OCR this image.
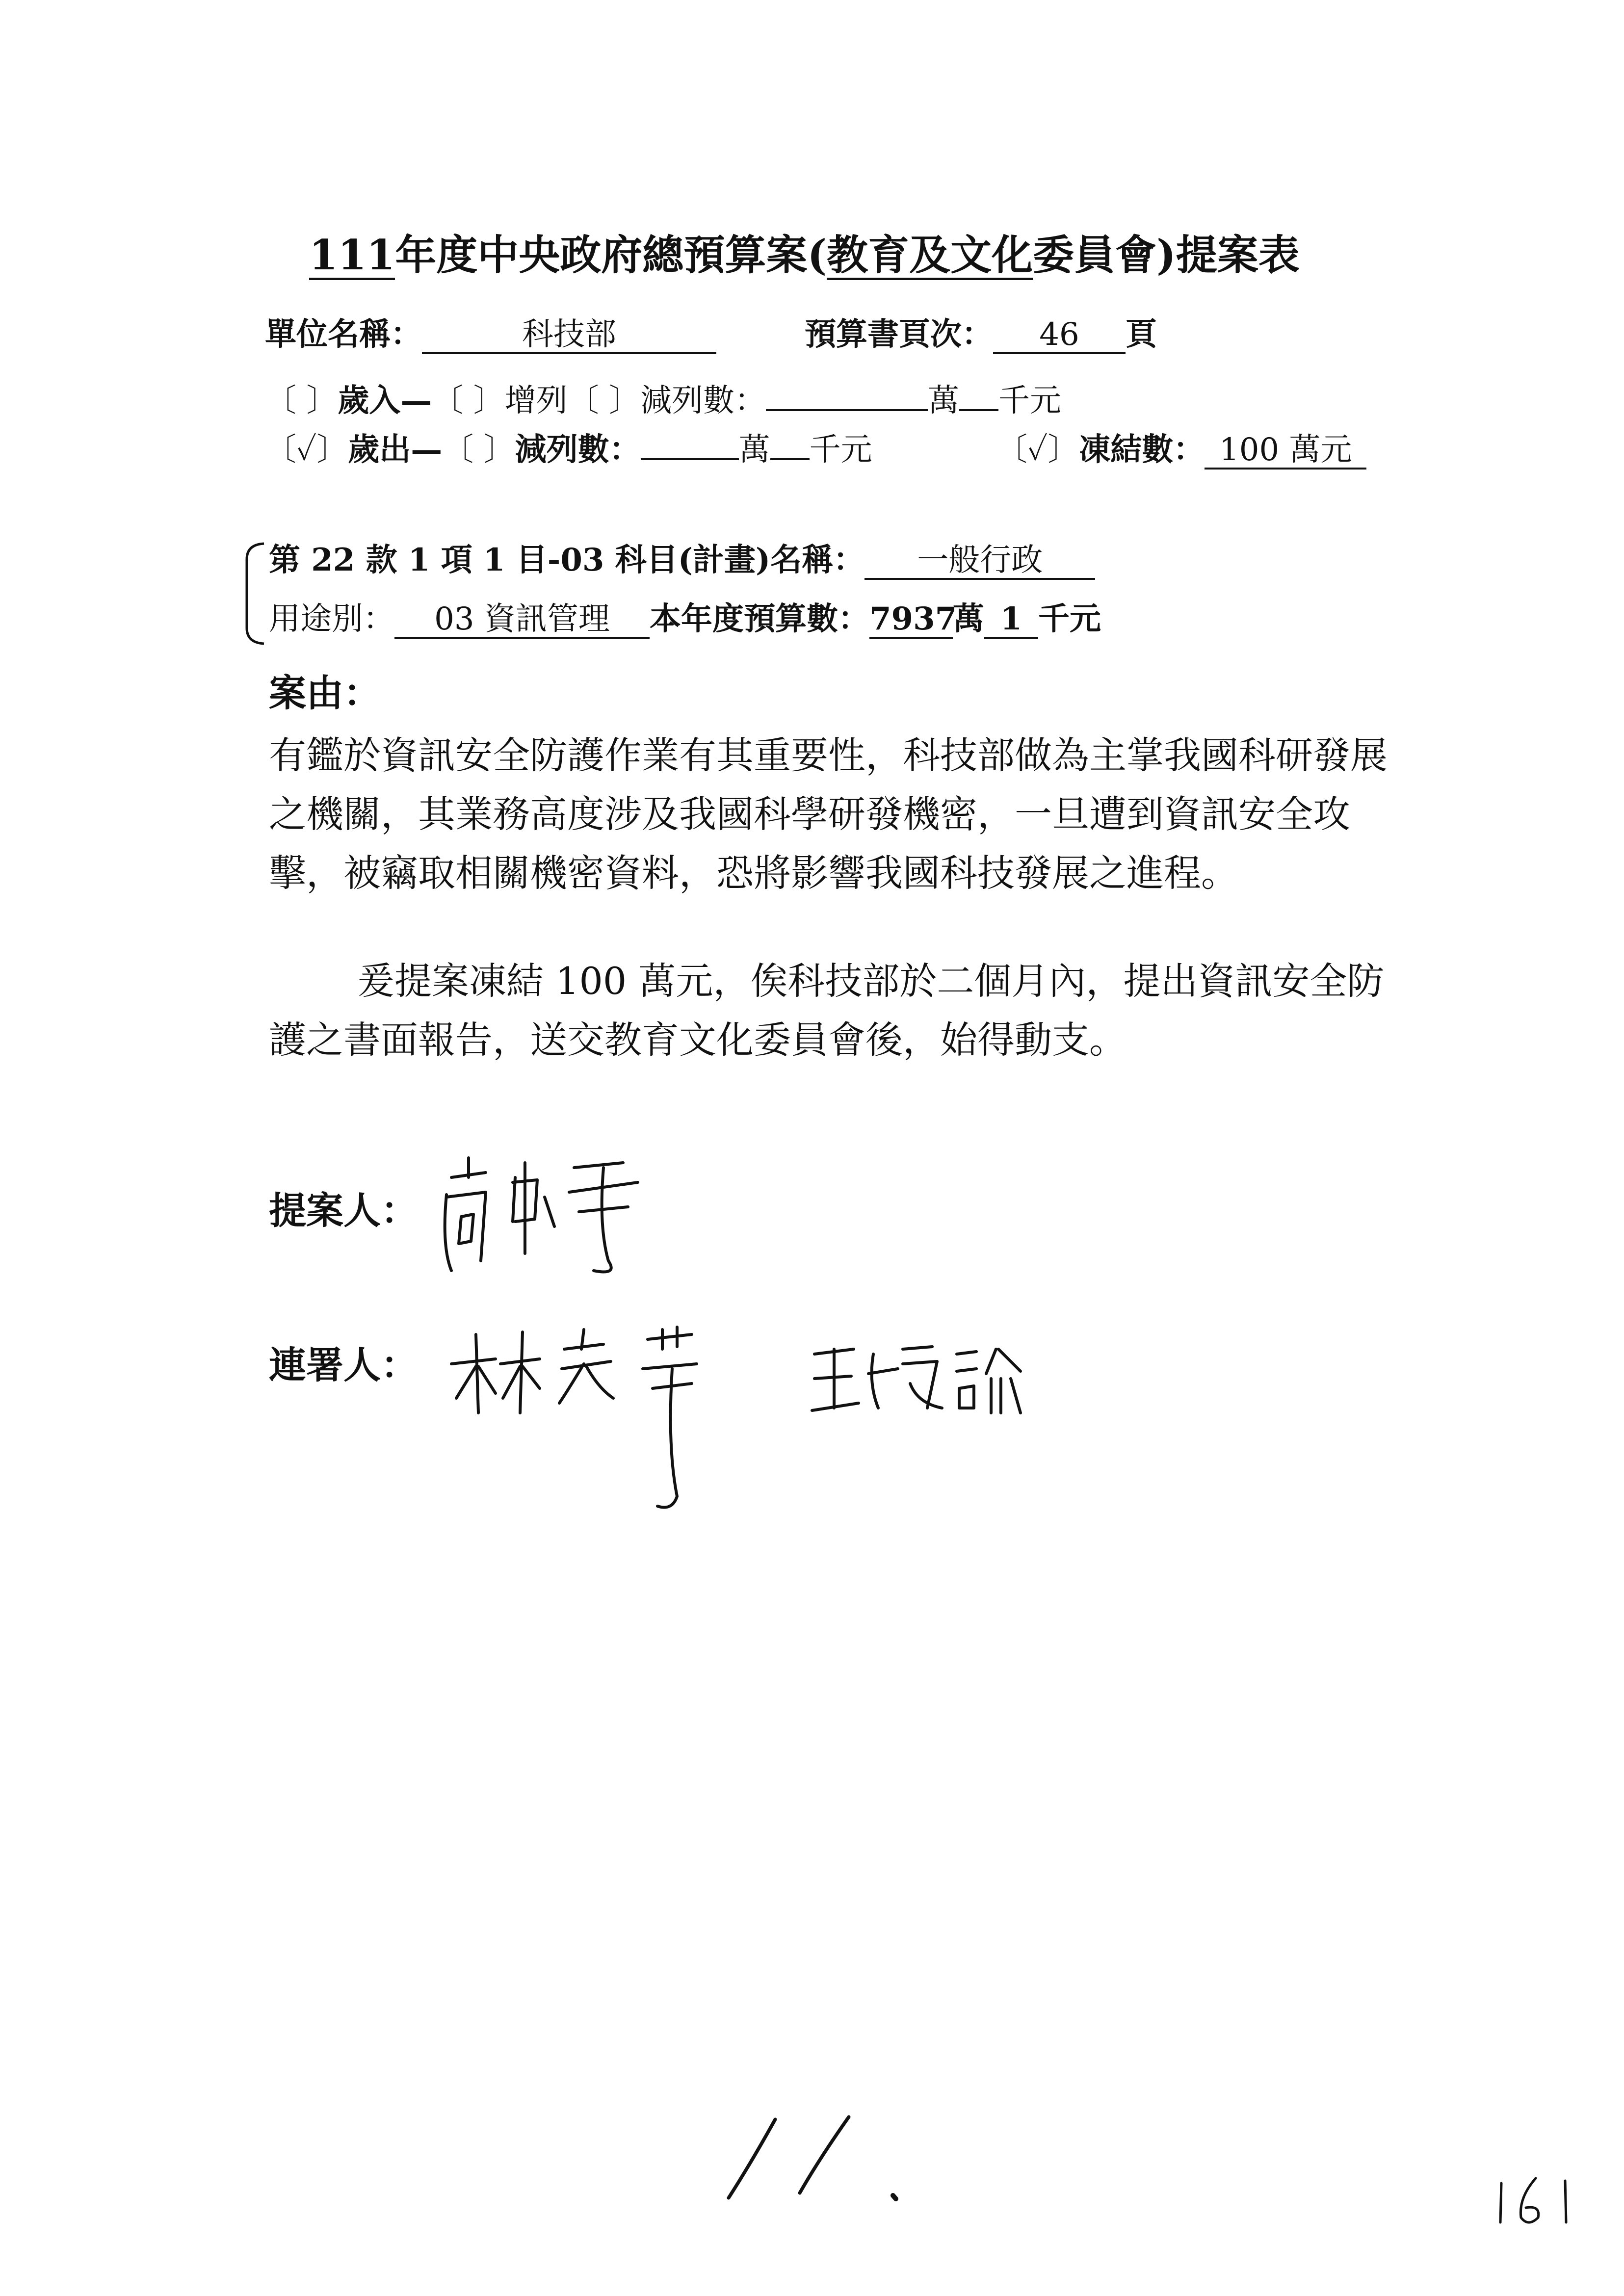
111年度中央政府總預算案(教育及文化委員會)提案表
單位名稱：	科技部	預算書頁次： 46 頁
〔 〕歲入—〔 〕增列〔 〕減列數：	萬 千元
〔✓〕歲出—〔 〕減列數：	萬 千元	〔✓〕凍結數： 100 萬元
第 22 款 1 項 1 目-03 科目(計畫)名稱： 一般行政
用途別： 03 資訊管理 本年度預算數：7937萬 1 千元
案由：
有鑑於資訊安全防護作業有其重要性，科技部做為主掌我國科研發展之機關，其業務高度涉及我國科學研發機密，一旦遭到資訊安全攻擊，被竊取相關機密資料，恐將影響我國科技發展之進程。
爰提案凍結 100 萬元，俟科技部於二個月內，提出資訊安全防護之書面報告，送交教育文化委員會後，始得動支。
提案人：
連署人：
